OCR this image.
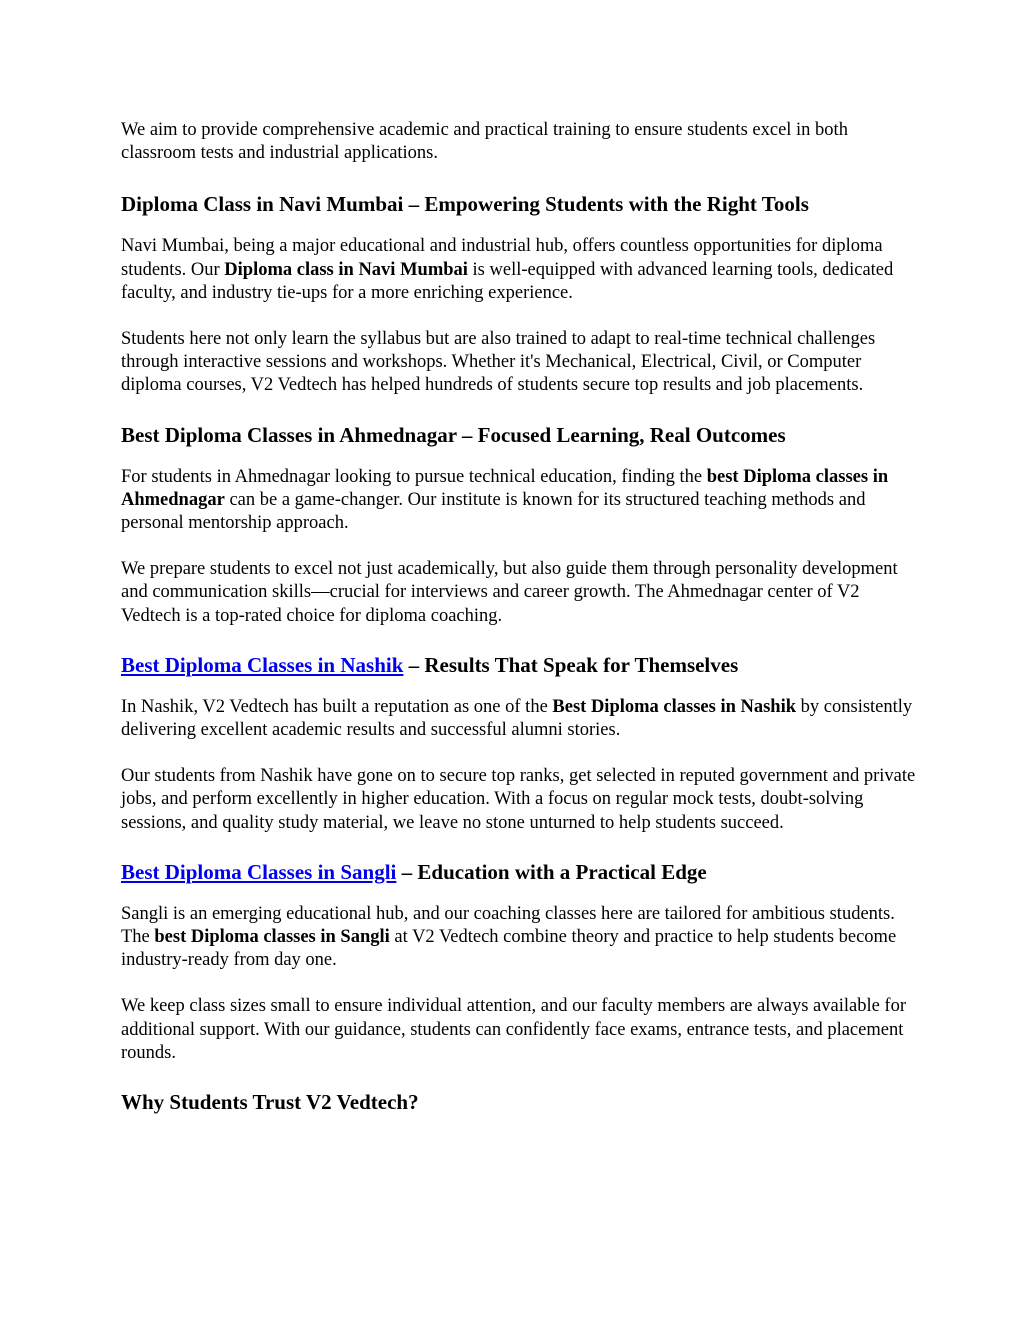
We aim to provide comprehensive academic and practical training to ensure students excel in both classroom tests and industrial applications.

Diploma Class in Navi Mumbai – Empowering Students with the Right Tools

Navi Mumbai, being a major educational and industrial hub, offers countless opportunities for diploma students. Our Diploma class in Navi Mumbai is well-equipped with advanced learning tools, dedicated faculty, and industry tie-ups for a more enriching experience.

Students here not only learn the syllabus but are also trained to adapt to real-time technical challenges through interactive sessions and workshops. Whether it's Mechanical, Electrical, Civil, or Computer diploma courses, V2 Vedtech has helped hundreds of students secure top results and job placements.

Best Diploma Classes in Ahmednagar – Focused Learning, Real Outcomes

For students in Ahmednagar looking to pursue technical education, finding the best Diploma classes in Ahmednagar can be a game-changer. Our institute is known for its structured teaching methods and personal mentorship approach.

We prepare students to excel not just academically, but also guide them through personality development and communication skills—crucial for interviews and career growth. The Ahmednagar center of V2 Vedtech is a top-rated choice for diploma coaching.

Best Diploma Classes in Nashik – Results That Speak for Themselves

In Nashik, V2 Vedtech has built a reputation as one of the Best Diploma classes in Nashik by consistently delivering excellent academic results and successful alumni stories.

Our students from Nashik have gone on to secure top ranks, get selected in reputed government and private jobs, and perform excellently in higher education. With a focus on regular mock tests, doubt-solving sessions, and quality study material, we leave no stone unturned to help students succeed.

Best Diploma Classes in Sangli – Education with a Practical Edge

Sangli is an emerging educational hub, and our coaching classes here are tailored for ambitious students. The best Diploma classes in Sangli at V2 Vedtech combine theory and practice to help students become industry-ready from day one.

We keep class sizes small to ensure individual attention, and our faculty members are always available for additional support. With our guidance, students can confidently face exams, entrance tests, and placement rounds.

Why Students Trust V2 Vedtech?
